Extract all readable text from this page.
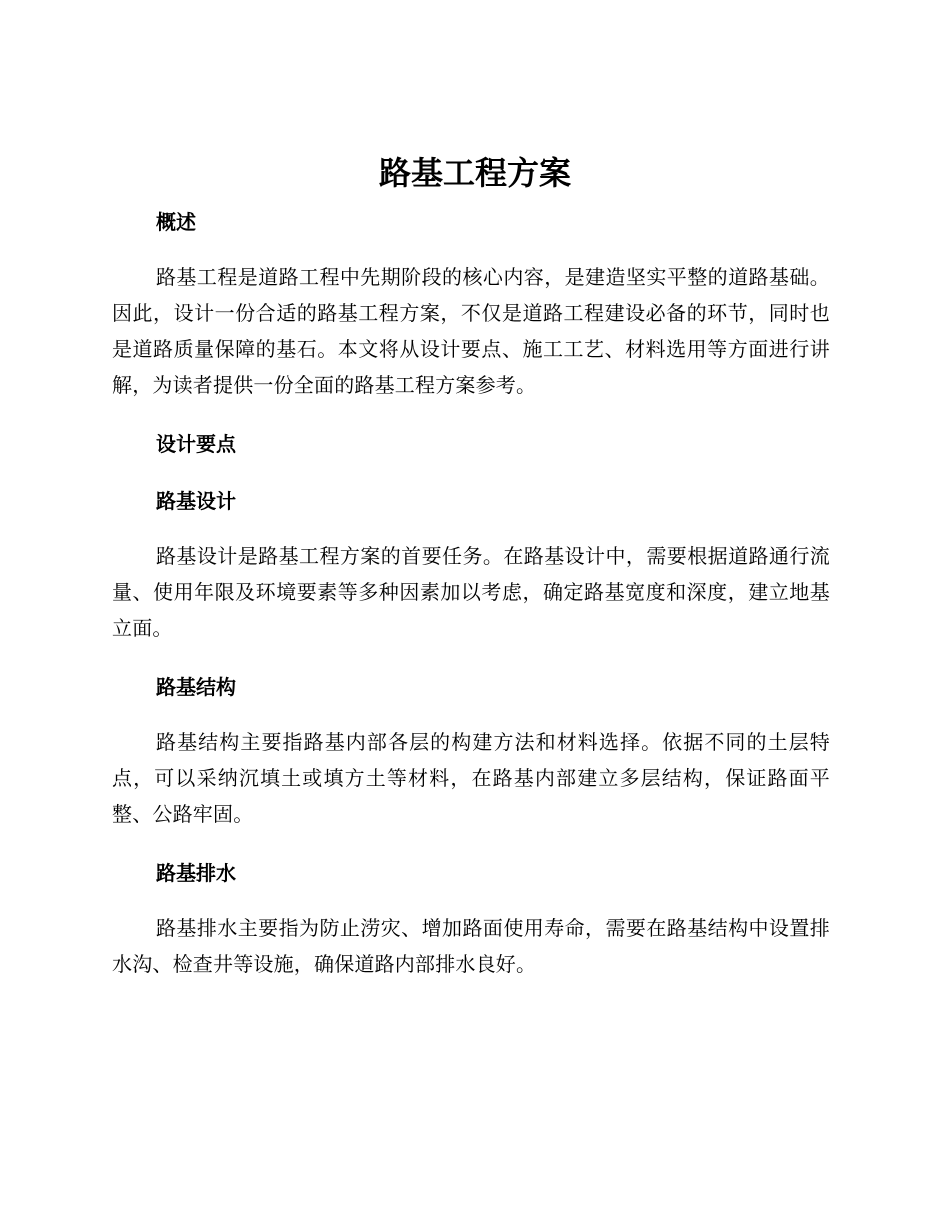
路基工程方案
概述

路基工程是道路工程中先期阶段的核心内容，是建造坚实平整的道路基础。因此，设计一份合适的路基工程方案，不仅是道路工程建设必备的环节，同时也是道路质量保障的基石。本文将从设计要点、施工工艺、材料选用等方面进行讲解，为读者提供一份全面的路基工程方案参考。

设计要点
路基设计

路基设计是路基工程方案的首要任务。在路基设计中，需要根据道路通行流量、使用年限及环境要素等多种因素加以考虑，确定路基宽度和深度，建立地基立面。

路基结构

路基结构主要指路基内部各层的构建方法和材料选择。依据不同的土层特点，可以采纳沉填土或填方土等材料，在路基内部建立多层结构，保证路面平整、公路牢固。

路基排水

路基排水主要指为防止涝灾、增加路面使用寿命，需要在路基结构中设置排水沟、检查井等设施，确保道路内部排水良好。
